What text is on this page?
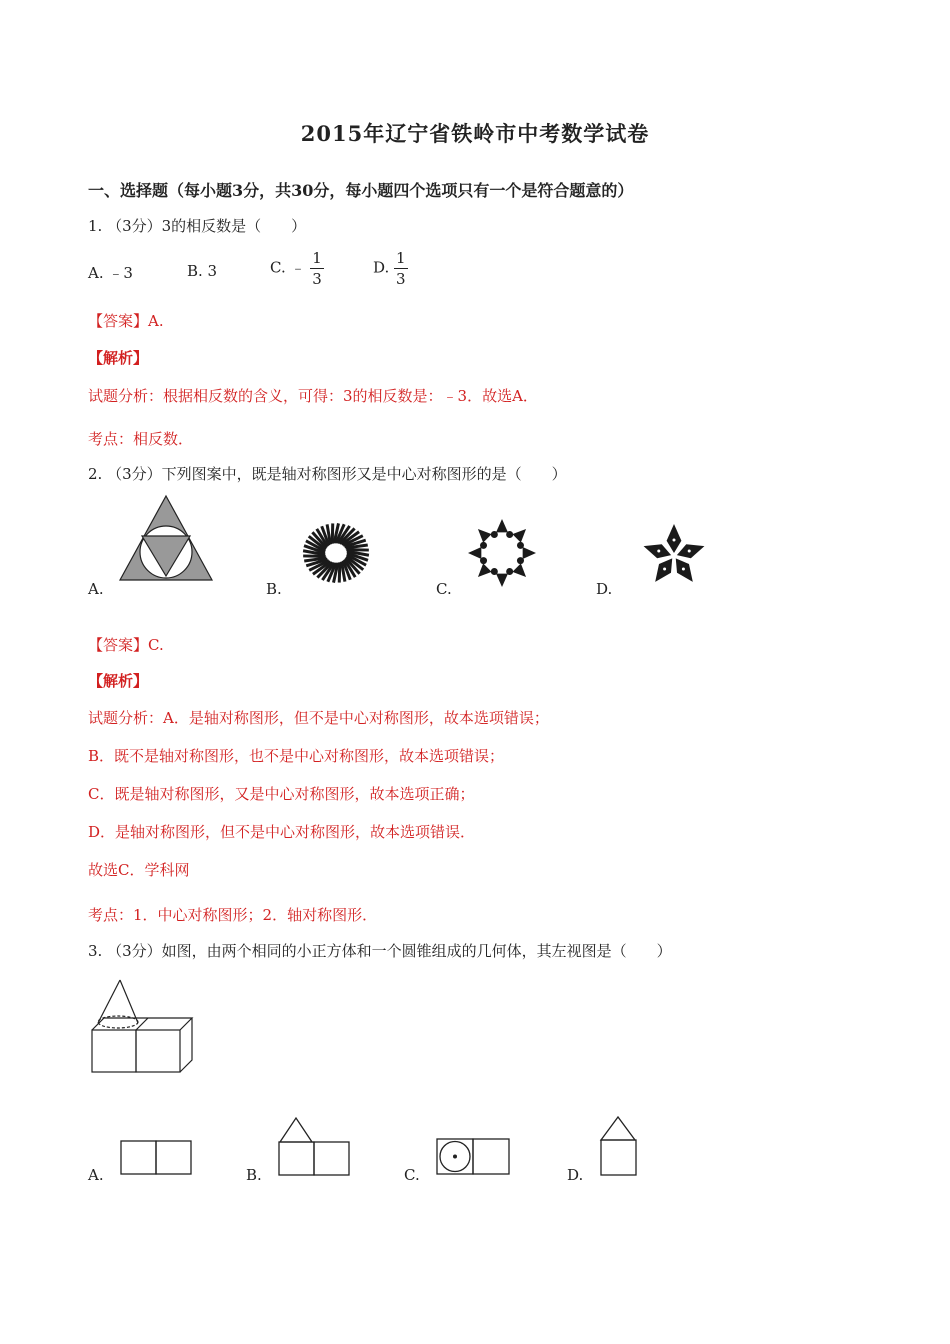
2015年辽宁省铁岭市中考数学试卷
一、选择题（每小题3分，共30分，每小题四个选项只有一个是符合题意的）
1. （3分）3的相反数是（　　）
A. ﹣3	B. 3	C. ﹣ $\frac{1}{3}$	D. $\frac{1}{3}$
【答案】A.
【解析】
试题分析：根据相反数的含义，可得：3的相反数是：﹣3．故选A．
考点：相反数．
2. （3分）下列图案中，既是轴对称图形又是中心对称图形的是（　　）
A.	B.	C.	D.
【答案】C.
【解析】
试题分析：A．是轴对称图形，但不是中心对称图形，故本选项错误；
B．既不是轴对称图形，也不是中心对称图形，故本选项错误；
C．既是轴对称图形，又是中心对称图形，故本选项正确；
D．是轴对称图形，但不是中心对称图形，故本选项错误．
故选C．学科网
考点：1．中心对称图形；2．轴对称图形．
3. （3分）如图，由两个相同的小正方体和一个圆锥组成的几何体，其左视图是（　　）
A.	B.	C.	D.
